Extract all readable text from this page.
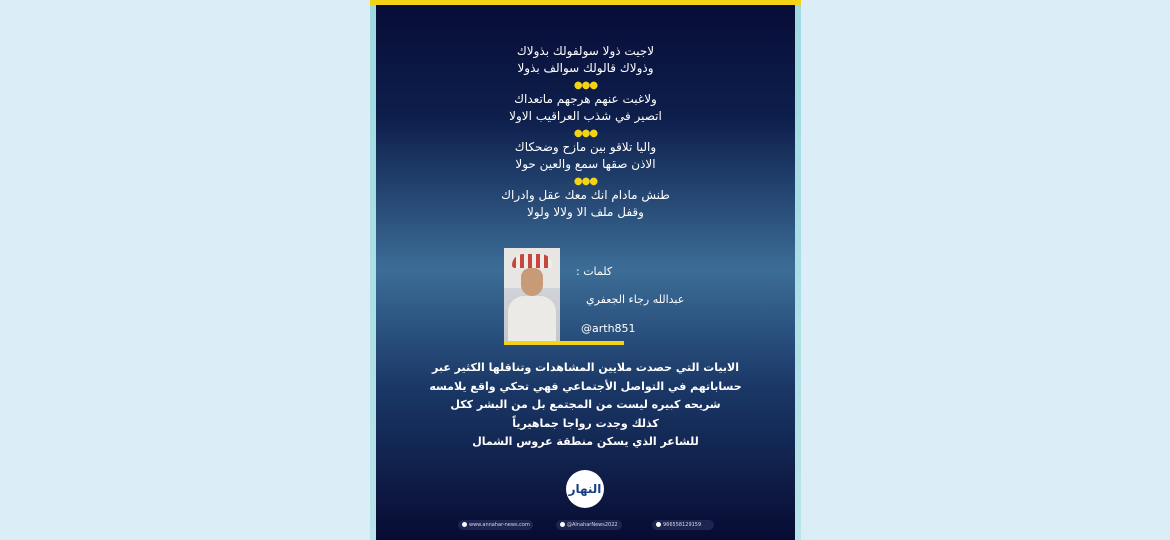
لاجيت ذولا سولفولك بذولاك
وذولاك قالولك سوالف بذولا
●●●
ولاغبت عنهم هرجهم ماتعداك
اتصير في شذب العراقيب الاولا
●●●
واليا تلاقو بين مازح وضحكاك
الاذن صقها سمع والعين حولا
●●●
طنش مادام انك معك عقل وادراك
وقفل ملف الا ولالا ولولا
كلمات :
عبدالله رجاء الجعفري
@arth851
الابيات التي حصدت ملايين المشاهدات وتناقلها الكثير عبر
حساباتهم في التواصل الأجتماعي فهي تحكي واقع يلامسه
شريحه كبيره ليست من المجتمع بل من البشر ككل
كذلك وجدت رواجا جماهيرياً
للشاعر الذي يسكن منطقة عروس الشمال
النهار
www.annahar-news.com	@AlnaharNews2022	966558129159
